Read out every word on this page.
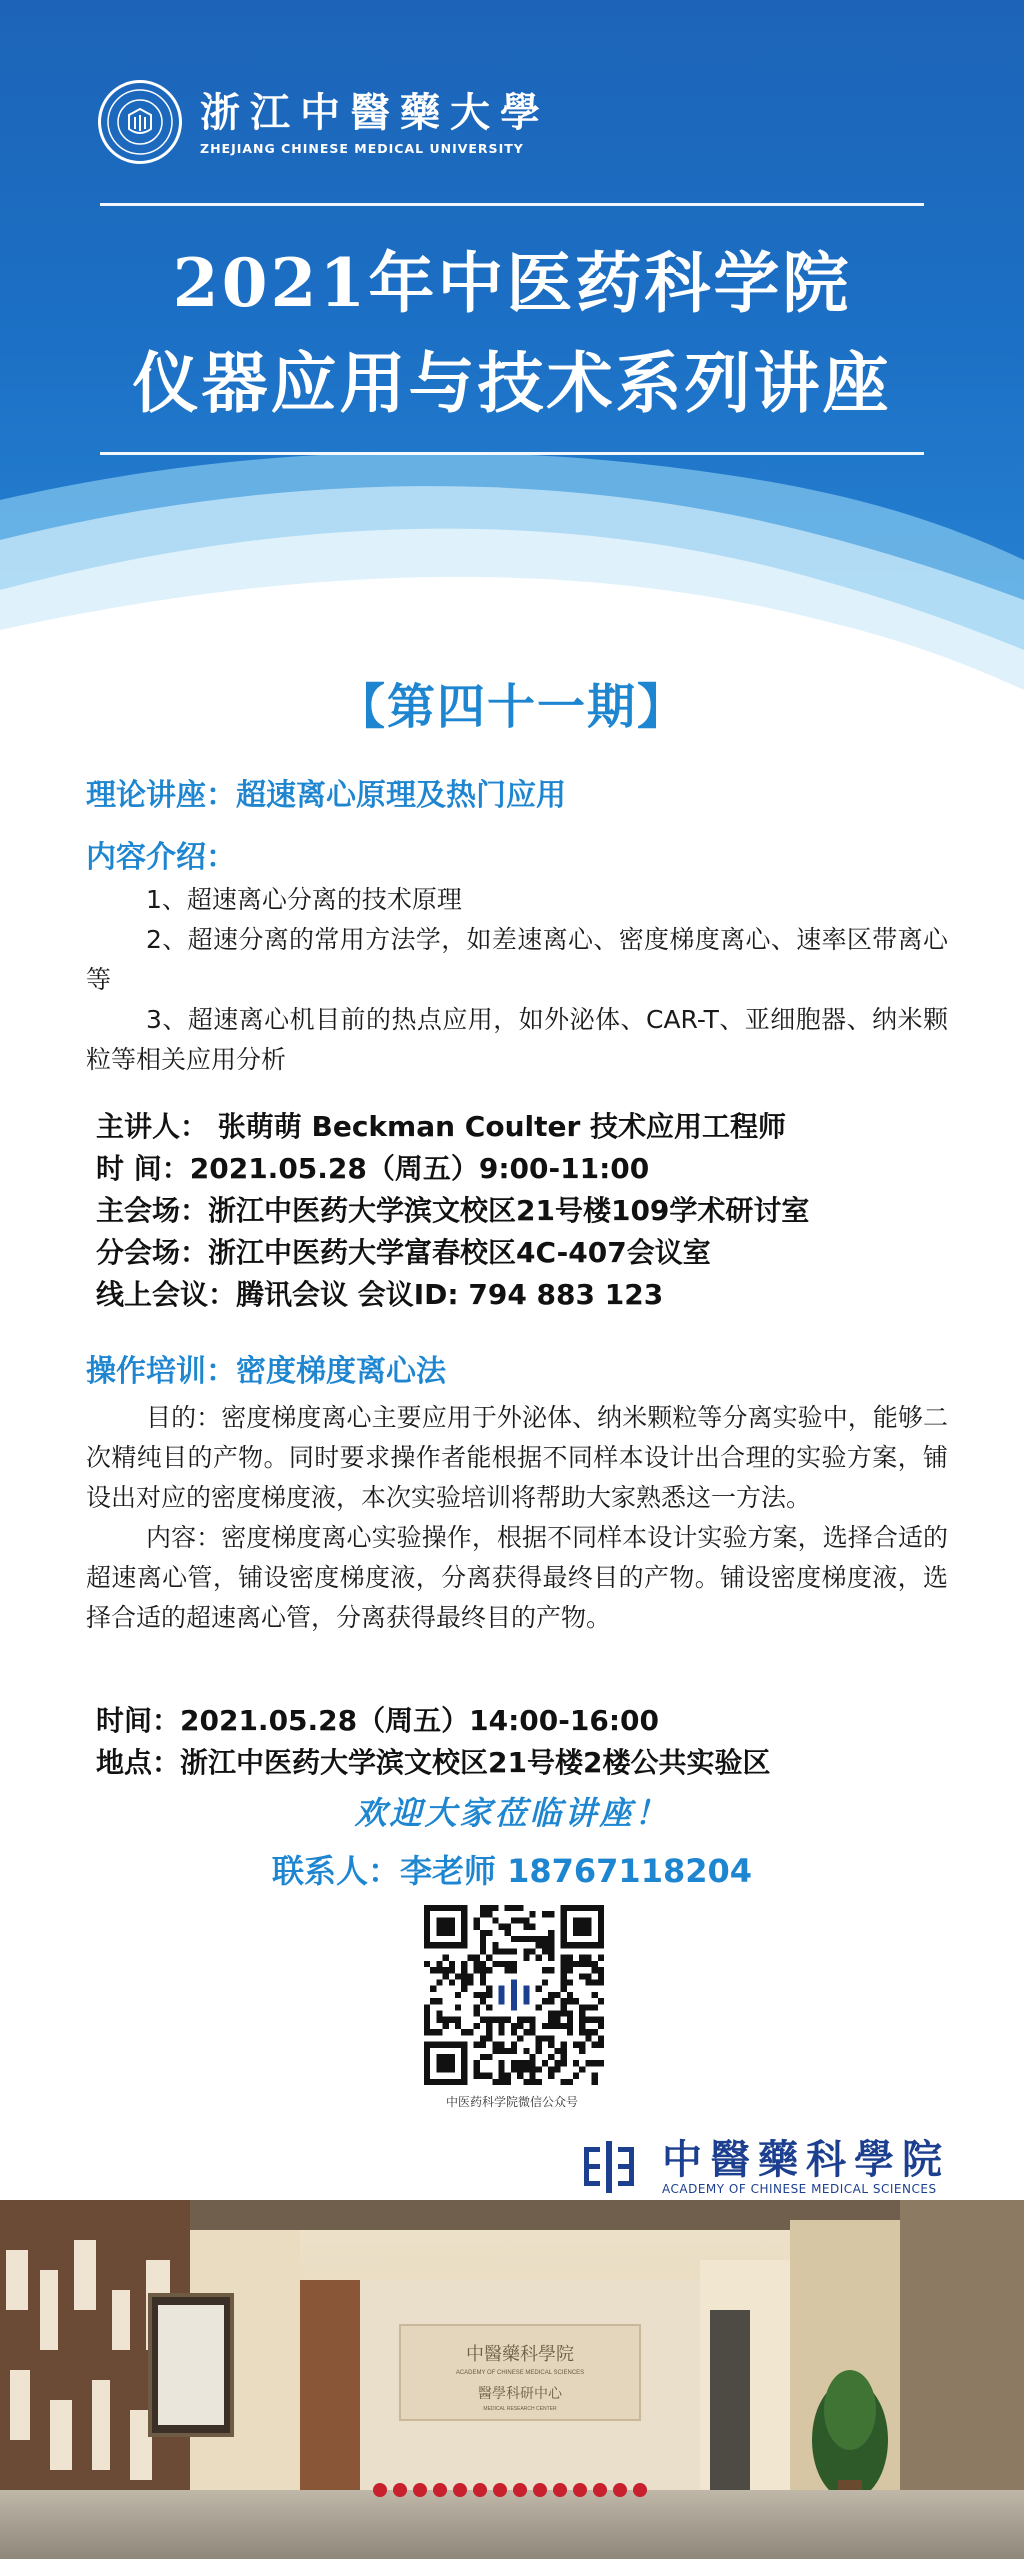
浙江中醫藥大學
ZHEJIANG CHINESE MEDICAL UNIVERSITY
2021年中医药科学院
仪器应用与技术系列讲座
【第四十一期】
理论讲座：超速离心原理及热门应用
内容介绍：

1、超速离心分离的技术原理

2、超速分离的常用方法学，如差速离心、密度梯度离心、速率区带离心等

3、超速离心机目前的热点应用，如外泌体、CAR-T、亚细胞器、纳米颗粒等相关应用分析

主讲人： 张萌萌 Beckman Coulter 技术应用工程师
时 间：2021.05.28（周五）9:00-11:00
主会场：浙江中医药大学滨文校区21号楼109学术研讨室
分会场：浙江中医药大学富春校区4C-407会议室
线上会议：腾讯会议 会议ID: 794 883 123
操作培训：密度梯度离心法

目的：密度梯度离心主要应用于外泌体、纳米颗粒等分离实验中，能够二次精纯目的产物。同时要求操作者能根据不同样本设计出合理的实验方案，铺设出对应的密度梯度液，本次实验培训将帮助大家熟悉这一方法。

内容：密度梯度离心实验操作，根据不同样本设计实验方案，选择合适的超速离心管，铺设密度梯度液，分离获得最终目的产物。铺设密度梯度液，选择合适的超速离心管，分离获得最终目的产物。

时间：2021.05.28（周五）14:00-16:00
地点：浙江中医药大学滨文校区21号楼2楼公共实验区
欢迎大家莅临讲座！
联系人：李老师 18767118204
中医药科学院微信公众号
中醫藥科學院
ACADEMY OF CHINESE MEDICAL SCIENCES
中醫藥科學院
ACADEMY OF CHINESE MEDICAL SCIENCES
醫學科研中心
MEDICAL RESEARCH CENTER
